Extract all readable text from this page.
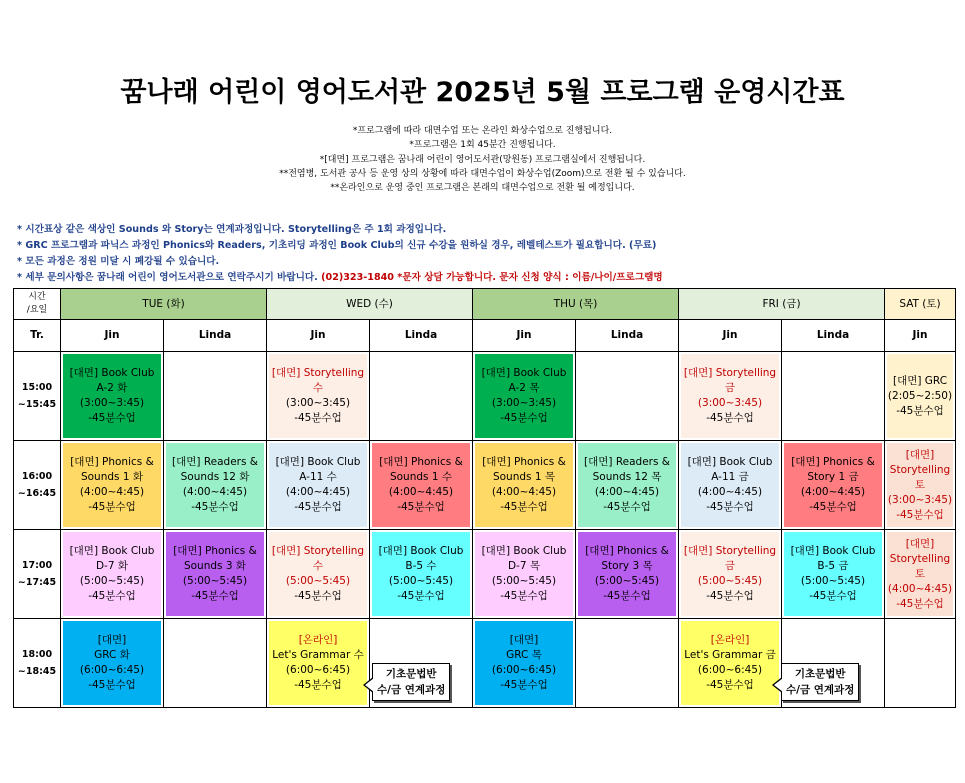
꿈나래 어린이 영어도서관 2025년 5월 프로그램 운영시간표
*프로그램에 따라 대면수업 또는 온라인 화상수업으로 진행됩니다.
*프로그램은 1회 45분간 진행됩니다.
*[대면] 프로그램은 꿈나래 어린이 영어도서관(망원동) 프로그램실에서 진행됩니다.
**전염병, 도서관 공사 등 운영 상의 상황에 따라 대면수업이 화상수업(Zoom)으로 전환 될 수 있습니다.
**온라인으로 운영 중인 프로그램은 본래의 대면수업으로 전환 될 예정입니다.
* 시간표상 같은 색상인 Sounds 와 Story는 연계과정입니다. Storytelling은 주 1회 과정입니다.
* GRC 프로그램과 파닉스 과정인 Phonics와 Readers, 기초리딩 과정인 Book Club의 신규 수강을 원하실 경우, 레벨테스트가 필요합니다. (무료)
* 모든 과정은 정원 미달 시 폐강될 수 있습니다.
* 세부 문의사항은 꿈나래 어린이 영어도서관으로 연락주시기 바랍니다. (02)323-1840 *문자 상담 가능합니다. 문자 신청 양식 : 이름/나이/프로그램명
시간
/요일	TUE (화)		WED (수)		THU (목)		FRI (금)		SAT (토)
Tr.	Jin	Linda	Jin	Linda	Jin	Linda	Jin	Linda	Jin

15:00
~15:45	[대면] Book Club
A-2 화
(3:00~3:45)
-45분수업		[대면] Storytelling
수
(3:00~3:45)
-45분수업		[대면] Book Club
A-2 목
(3:00~3:45)
-45분수업		[대면] Storytelling
금
(3:00~3:45)
-45분수업		[대면] GRC
(2:05~2:50)
-45분수업

16:00
~16:45	[대면] Phonics &
Sounds 1 화
(4:00~4:45)
-45분수업	[대면] Readers &
Sounds 12 화
(4:00~4:45)
-45분수업	[대면] Book Club
A-11 수
(4:00~4:45)
-45분수업	[대면] Phonics &
Sounds 1 수
(4:00~4:45)
-45분수업	[대면] Phonics &
Sounds 1 목
(4:00~4:45)
-45분수업	[대면] Readers &
Sounds 12 목
(4:00~4:45)
-45분수업	[대면] Book Club
A-11 금
(4:00~4:45)
-45분수업	[대면] Phonics &
Story 1 금
(4:00~4:45)
-45분수업	[대면]
Storytelling
토
(3:00~3:45)
-45분수업

17:00
~17:45	[대면] Book Club
D-7 화
(5:00~5:45)
-45분수업	[대면] Phonics &
Sounds 3 화
(5:00~5:45)
-45분수업	[대면] Storytelling
수
(5:00~5:45)
-45분수업	[대면] Book Club
B-5 수
(5:00~5:45)
-45분수업	[대면] Book Club
D-7 목
(5:00~5:45)
-45분수업	[대면] Phonics &
Story 3 목
(5:00~5:45)
-45분수업	[대면] Storytelling
금
(5:00~5:45)
-45분수업	[대면] Book Club
B-5 금
(5:00~5:45)
-45분수업	[대면]
Storytelling
토
(4:00~4:45)
-45분수업

18:00
~18:45	[대면]
GRC 화
(6:00~6:45)
-45분수업		[온라인]
Let's Grammar 수
(6:00~6:45)
-45분수업		[대면]
GRC 목
(6:00~6:45)
-45분수업		[온라인]
Let's Grammar 금
(6:00~6:45)
-45분수업		

기초문법반
수/금 연계과정
기초문법반
수/금 연계과정
